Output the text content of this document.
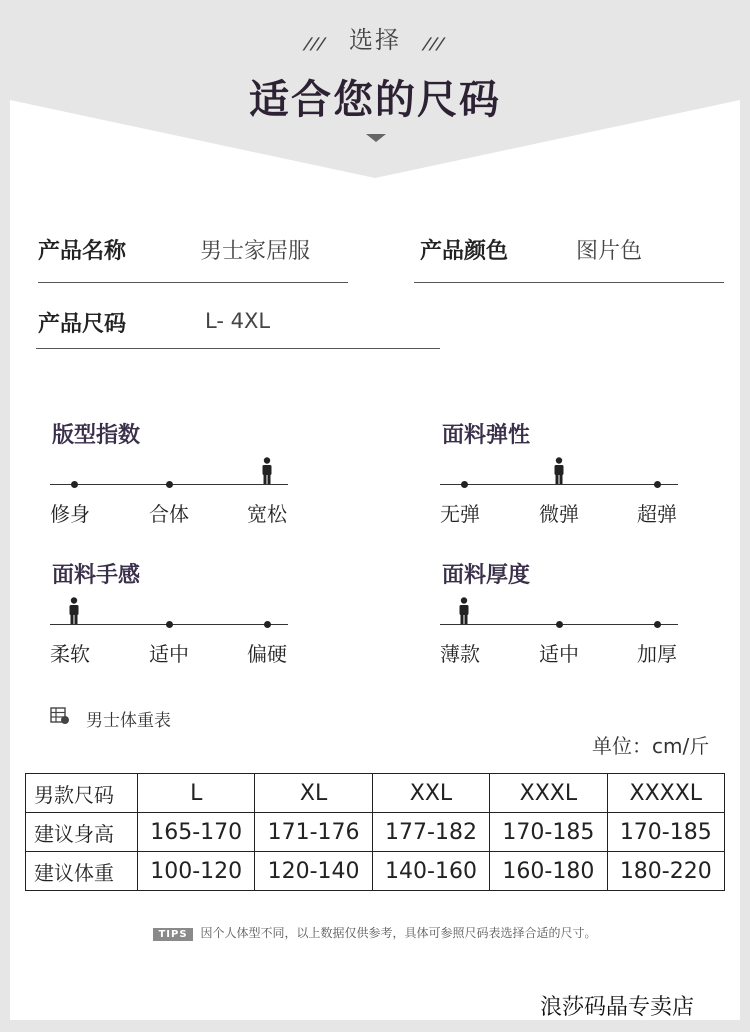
/// 选择 ///
适合您的尺码
产品名称	男士家居服	产品颜色	图片色
产品尺码	L- 4XL
版型指数
修身	合体	宽松
面料弹性
无弹	微弹	超弹
面料手感
柔软	适中	偏硬
面料厚度
薄款	适中	加厚
男士体重表
单位：cm/斤
男款尺码	L	XL	XXL	XXXL	XXXXL
建议身高	165-170	171-176	177-182	170-185	170-185
建议体重	100-120	120-140	140-160	160-180	180-220
TIPS 因个人体型不同，以上数据仅供参考，具体可参照尺码表选择合适的尺寸。
浪莎码晶专卖店
